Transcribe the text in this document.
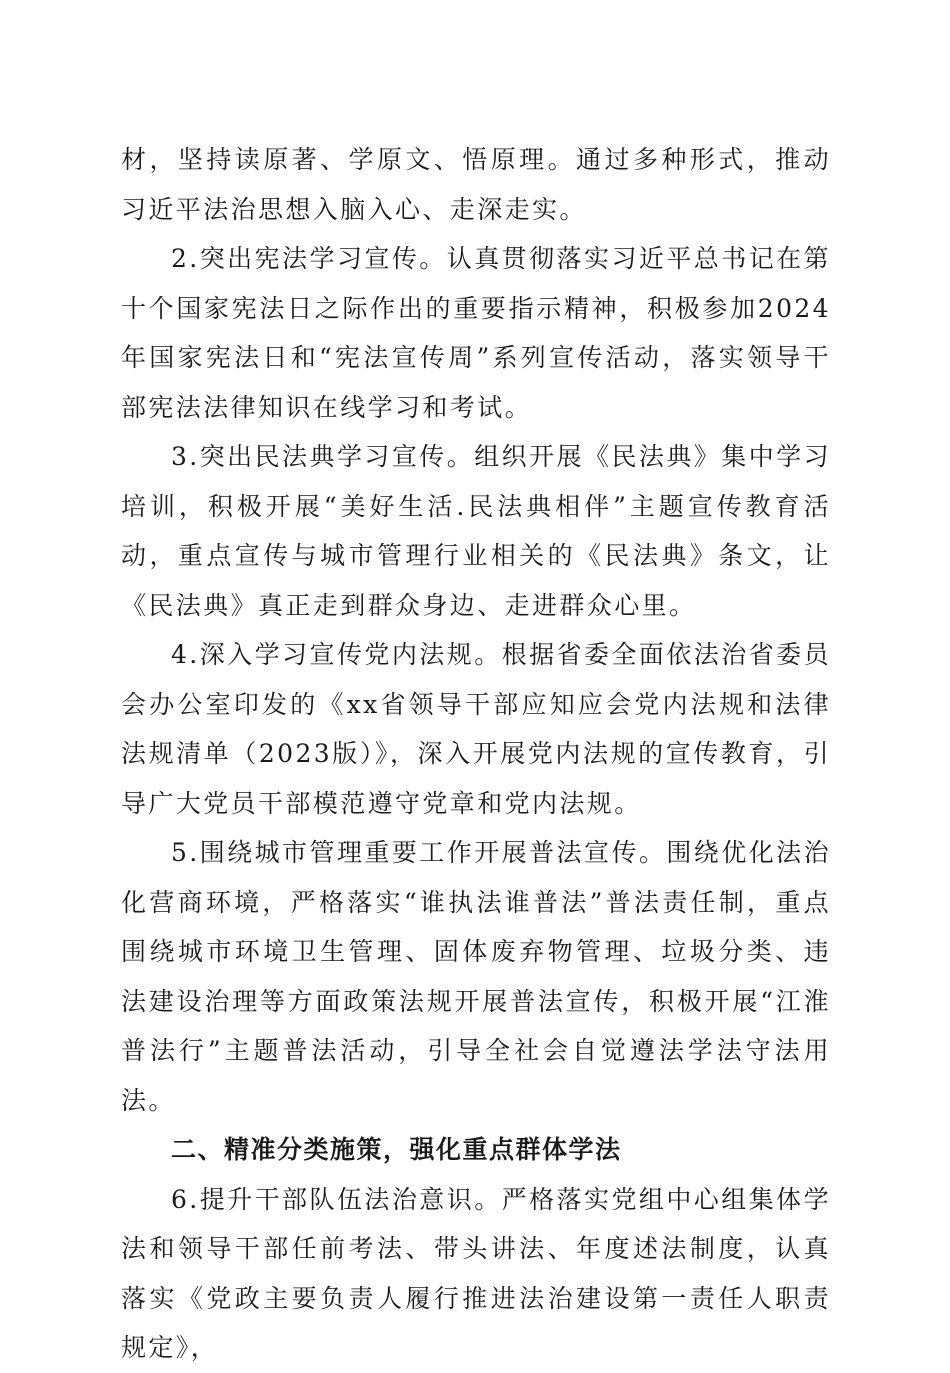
材，坚持读原著、学原文、悟原理。通过多种形式，推动习近平法治思想入脑入心、走深走实。

2.突出宪法学习宣传。认真贯彻落实习近平总书记在第十个国家宪法日之际作出的重要指示精神，积极参加2024年国家宪法日和“宪法宣传周”系列宣传活动，落实领导干部宪法法律知识在线学习和考试。

3.突出民法典学习宣传。组织开展《民法典》集中学习培训，积极开展“美好生活.民法典相伴”主题宣传教育活动，重点宣传与城市管理行业相关的《民法典》条文，让《民法典》真正走到群众身边、走进群众心里。

4.深入学习宣传党内法规。根据省委全面依法治省委员会办公室印发的《xx省领导干部应知应会党内法规和法律法规清单（2023版）》，深入开展党内法规的宣传教育，引导广大党员干部模范遵守党章和党内法规。

5.围绕城市管理重要工作开展普法宣传。围绕优化法治化营商环境，严格落实“谁执法谁普法”普法责任制，重点围绕城市环境卫生管理、固体废弃物管理、垃圾分类、违法建设治理等方面政策法规开展普法宣传，积极开展“江淮普法行”主题普法活动，引导全社会自觉遵法学法守法用法。

二、精准分类施策，强化重点群体学法

6.提升干部队伍法治意识。严格落实党组中心组集体学法和领导干部任前考法、带头讲法、年度述法制度，认真落实《党政主要负责人履行推进法治建设第一责任人职责规定》，
